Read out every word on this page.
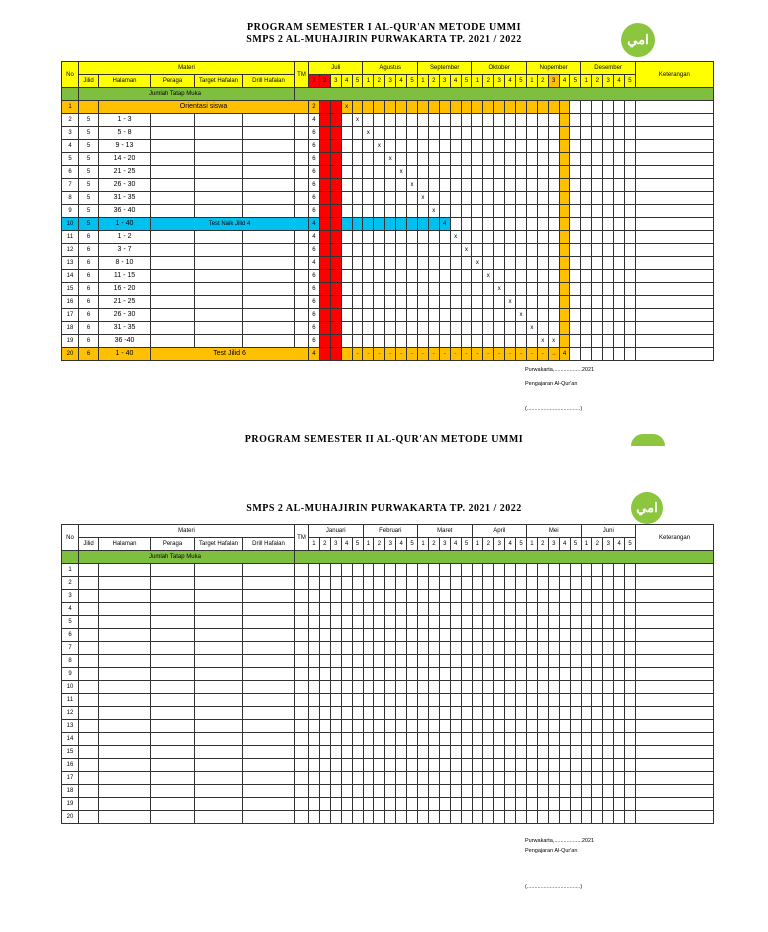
PROGRAM SEMESTER I AL-QUR'AN METODE UMMI
SMPS 2 AL-MUHAJIRIN PURWAKARTA TP. 2021 / 2022	امي
No	Materi					TM	Juli					Agustus					September					Oktober					Nopember					Desember					Keterangan	
	Jilid	Halaman	Peraga	Target Hafalan	Drill Hafalan		1	2	3	4	5	1	2	3	4	5	1	2	3	4	5	1	2	3	4	5	1	2	3	4	5	1	2	3	4	5		
	Jumlah Tatap Muka																																					
1		Orientasi siswa					2			x																												
2	5	1 - 3					4				x																											
3	5	5 - 8					6					x																										
4	5	9 - 13					6						x																									
5	5	14 - 20					6							x																								
6	5	21 - 25					6								x																							
7	5	26 - 30					6									x																						
8	5	31 - 35					6										x																					
9	5	36 - 40					6											x																				
10	5	1 - 40	Test Naik Jilid 4				4												4																			
11	6	1 - 2					4													x																		
12	6	3 - 7					6														x																	
13	6	8 - 10					4															x																
14	6	11 - 15					6																x															
15	6	16 - 20					6																	x														
16	6	21 - 25					6																		x													
17	6	26 - 30					6																			x												
18	6	31 - 35					6																				x											
19	6	36 -40					6																					x	x									
20	6	1 - 40	Test Jilid 6				4				-	-	-	-	-	-	-	-	-	-	-	-	-	-	-	-	-	-	→	4								
Purwakarta,..................2021
Pengajaran Al-Qur'an
(...................................)
PROGRAM SEMESTER II AL-QUR'AN METODE UMMI
SMPS 2 AL-MUHAJIRIN PURWAKARTA TP. 2021 / 2022	امي
No	Materi					TM	Januari					Februari					Maret					April					Mei					Juni					Keterangan
	Jilid	Halaman	Peraga	Target Hafalan	Drill Hafalan		1	2	3	4	5	1	2	3	4	5	1	2	3	4	5	1	2	3	4	5	1	2	3	4	5	1	2	3	4	5	
	Jumlah Tatap Muka																																				
1																																					
2																																					
3																																					
4																																					
5																																					
6																																					
7																																					
8																																					
9																																					
10																																					
11																																					
12																																					
13																																					
14																																					
15																																					
16																																					
17																																					
18																																					
19																																					
20																																					
Purwakarta,..................2021
Pengajaran Al-Qur'an
(...................................)
